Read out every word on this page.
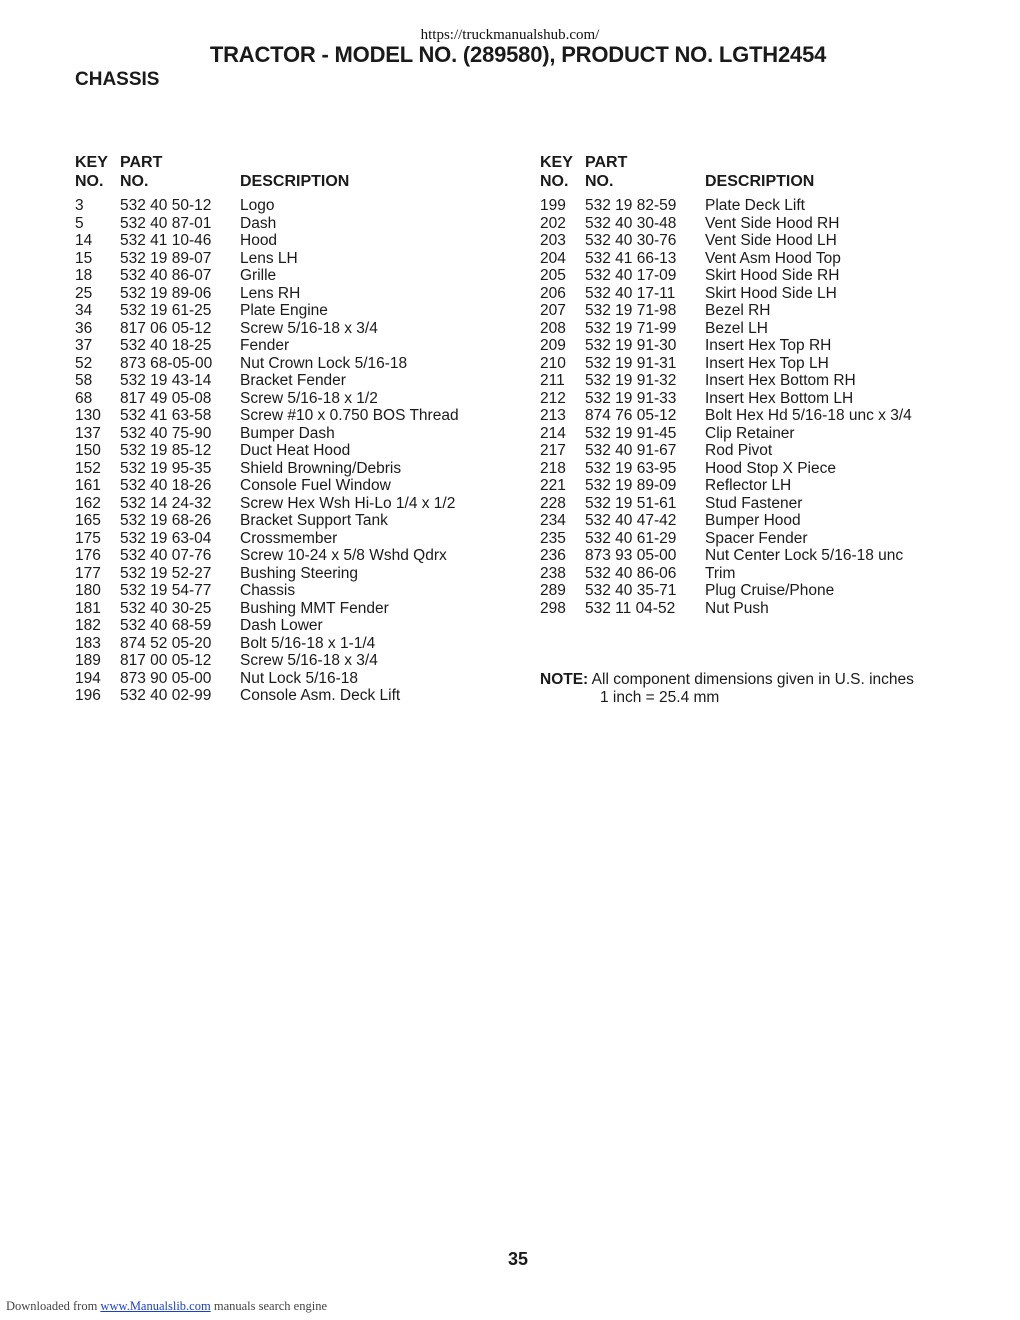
https://truckmanualshub.com/
TRACTOR - MODEL NO. (289580), PRODUCT NO. LGTH2454
CHASSIS
KEY
NO.
PART
NO.	DESCRIPTION
3 532 40 50-12 Logo
5 532 40 87-01 Dash
14 532 41 10-46 Hood
15 532 19 89-07 Lens LH
18 532 40 86-07 Grille
25 532 19 89-06 Lens RH
34 532 19 61-25 Plate Engine
36 817 06 05-12 Screw 5/16-18 x 3/4
37 532 40 18-25 Fender
52 873 68-05-00 Nut Crown Lock 5/16-18
58 532 19 43-14 Bracket Fender
68 817 49 05-08 Screw 5/16-18 x 1/2
130 532 41 63-58 Screw #10 x 0.750 BOS Thread
137 532 40 75-90 Bumper Dash
150 532 19 85-12 Duct Heat Hood
152 532 19 95-35 Shield Browning/Debris
161 532 40 18-26 Console Fuel Window
162 532 14 24-32 Screw Hex Wsh Hi-Lo 1/4 x 1/2
165 532 19 68-26 Bracket Support Tank
175 532 19 63-04 Crossmember
176 532 40 07-76 Screw 10-24 x 5/8 Wshd Qdrx
177 532 19 52-27 Bushing Steering
180 532 19 54-77 Chassis
181 532 40 30-25 Bushing MMT Fender
182 532 40 68-59 Dash Lower
183 874 52 05-20 Bolt 5/16-18 x 1-1/4
189 817 00 05-12 Screw 5/16-18 x 3/4
194 873 90 05-00 Nut Lock 5/16-18
196 532 40 02-99 Console Asm. Deck Lift
KEY
NO.
PART
NO.	DESCRIPTION
199 532 19 82-59 Plate Deck Lift
202 532 40 30-48 Vent Side Hood RH
203 532 40 30-76 Vent Side Hood LH
204 532 41 66-13 Vent Asm Hood Top
205 532 40 17-09 Skirt Hood Side RH
206 532 40 17-11 Skirt Hood Side LH
207 532 19 71-98 Bezel RH
208 532 19 71-99 Bezel LH
209 532 19 91-30 Insert Hex Top RH
210 532 19 91-31 Insert Hex Top LH
211 532 19 91-32 Insert Hex Bottom RH
212 532 19 91-33 Insert Hex Bottom LH
213 874 76 05-12 Bolt Hex Hd 5/16-18 unc x 3/4
214 532 19 91-45 Clip Retainer
217 532 40 91-67 Rod Pivot
218 532 19 63-95 Hood Stop X Piece
221 532 19 89-09 Reflector LH
228 532 19 51-61 Stud Fastener
234 532 40 47-42 Bumper Hood
235 532 40 61-29 Spacer Fender
236 873 93 05-00 Nut Center Lock 5/16-18 unc
238 532 40 86-06 Trim
289 532 40 35-71 Plug Cruise/Phone
298 532 11 04-52 Nut Push
NOTE: All component dimensions given in U.S. inches
1 inch = 25.4 mm
35
Downloaded from www.Manualslib.com manuals search engine
